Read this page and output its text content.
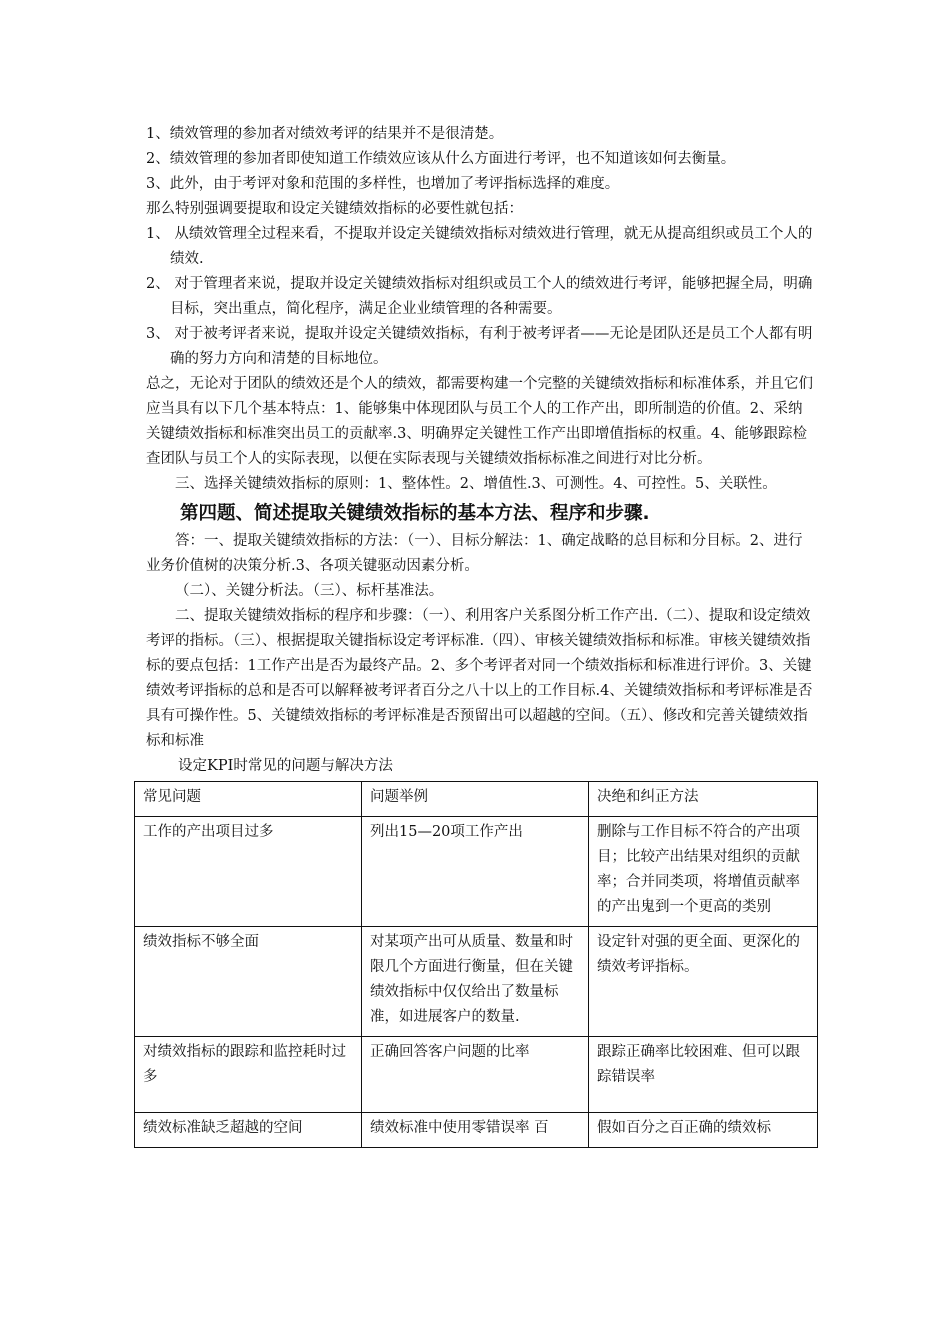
1、绩效管理的参加者对绩效考评的结果并不是很清楚。

2、绩效管理的参加者即使知道工作绩效应该从什么方面进行考评，也不知道该如何去衡量。

3、此外，由于考评对象和范围的多样性，也增加了考评指标选择的难度。

那么特别强调要提取和设定关键绩效指标的必要性就包括：

1、 从绩效管理全过程来看，不提取并设定关键绩效指标对绩效进行管理，就无从提高组织或员工个人的绩效.

2、 对于管理者来说，提取并设定关键绩效指标对组织或员工个人的绩效进行考评，能够把握全局，明确目标，突出重点，简化程序，满足企业业绩管理的各种需要。

3、 对于被考评者来说，提取并设定关键绩效指标，有利于被考评者——无论是团队还是员工个人都有明确的努力方向和清楚的目标地位。

总之，无论对于团队的绩效还是个人的绩效，都需要构建一个完整的关键绩效指标和标准体系，并且它们应当具有以下几个基本特点：1、能够集中体现团队与员工个人的工作产出，即所制造的价值。2、采纳关键绩效指标和标准突出员工的贡献率.3、明确界定关键性工作产出即增值指标的权重。4、能够跟踪检查团队与员工个人的实际表现，以便在实际表现与关键绩效指标标准之间进行对比分析。

三、选择关键绩效指标的原则：1、整体性。2、增值性.3、可测性。4、可控性。5、关联性。

第四题、简述提取关键绩效指标的基本方法、程序和步骤.

答：一、提取关键绩效指标的方法：（一）、目标分解法：1、确定战略的总目标和分目标。2、进行业务价值树的决策分析.3、各项关键驱动因素分析。

（二）、关键分析法。（三）、标杆基准法。

二、提取关键绩效指标的程序和步骤：（一）、利用客户关系图分析工作产出.（二）、提取和设定绩效考评的指标。（三）、根据提取关键指标设定考评标准.（四）、审核关键绩效指标和标准。审核关键绩效指标的要点包括：1工作产出是否为最终产品。2、多个考评者对同一个绩效指标和标准进行评价。3、关键绩效考评指标的总和是否可以解释被考评者百分之八十以上的工作目标.4、关键绩效指标和考评标准是否具有可操作性。5、关键绩效指标的考评标准是否预留出可以超越的空间。（五）、修改和完善关键绩效指标和标准

设定KPI时常见的问题与解决方法

常见问题	问题举例	决绝和纠正方法
工作的产出项目过多	列出15—20项工作产出	删除与工作目标不符合的产出项目；比较产出结果对组织的贡献率；合并同类项，将增值贡献率的产出鬼到一个更高的类别
绩效指标不够全面	对某项产出可从质量、数量和时限几个方面进行衡量，但在关键绩效指标中仅仅给出了数量标准，如进展客户的数量.	设定针对强的更全面、更深化的绩效考评指标。
对绩效指标的跟踪和监控耗时过多	正确回答客户问题的比率	跟踪正确率比较困难、但可以跟踪错误率
绩效标准缺乏超越的空间	绩效标准中使用零错误率 百	假如百分之百正确的绩效标
